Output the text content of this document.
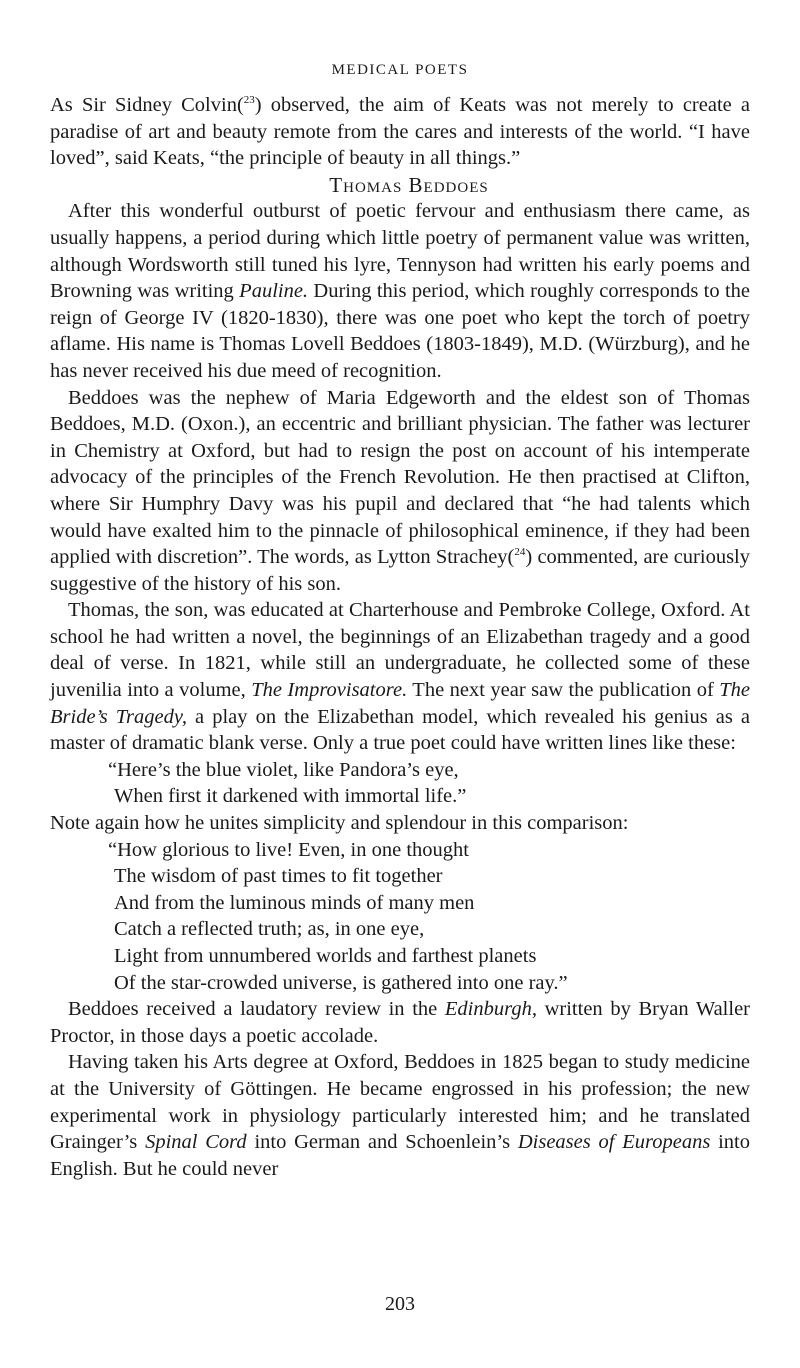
MEDICAL POETS

As Sir Sidney Colvin($^{23}$) observed, the aim of Keats was not merely to create a paradise of art and beauty remote from the cares and interests of the world. “I have loved”, said Keats, “the principle of beauty in all things.”

Thomas Beddoes

After this wonderful outburst of poetic fervour and enthusiasm there came, as usually happens, a period during which little poetry of permanent value was written, although Wordsworth still tuned his lyre, Tennyson had written his early poems and Browning was writing Pauline. During this period, which roughly corresponds to the reign of George IV (1820-1830), there was one poet who kept the torch of poetry aflame. His name is Thomas Lovell Beddoes (1803-1849), M.D. (Würzburg), and he has never received his due meed of recognition.

Beddoes was the nephew of Maria Edgeworth and the eldest son of Thomas Beddoes, M.D. (Oxon.), an eccentric and brilliant physician. The father was lecturer in Chemistry at Oxford, but had to resign the post on account of his intemperate advocacy of the principles of the French Revolution. He then practised at Clifton, where Sir Humphry Davy was his pupil and declared that “he had talents which would have exalted him to the pinnacle of philosophical eminence, if they had been applied with discretion”. The words, as Lytton Strachey($^{24}$) commented, are curiously suggestive of the history of his son.

Thomas, the son, was educated at Charterhouse and Pembroke College, Oxford. At school he had written a novel, the beginnings of an Elizabethan tragedy and a good deal of verse. In 1821, while still an undergraduate, he collected some of these juvenilia into a volume, The Improvisatore. The next year saw the publication of The Bride’s Tragedy, a play on the Elizabethan model, which revealed his genius as a master of dramatic blank verse. Only a true poet could have written lines like these:

“Here’s the blue violet, like Pandora’s eye,
When first it darkened with immortal life.”

Note again how he unites simplicity and splendour in this comparison:

“How glorious to live! Even, in one thought
The wisdom of past times to fit together
And from the luminous minds of many men
Catch a reflected truth; as, in one eye,
Light from unnumbered worlds and farthest planets
Of the star-crowded universe, is gathered into one ray.”

Beddoes received a laudatory review in the Edinburgh, written by Bryan Waller Proctor, in those days a poetic accolade.

Having taken his Arts degree at Oxford, Beddoes in 1825 began to study medicine at the University of Göttingen. He became engrossed in his profession; the new experimental work in physiology particularly interested him; and he translated Grainger’s Spinal Cord into German and Schoenlein’s Diseases of Europeans into English. But he could never

203
